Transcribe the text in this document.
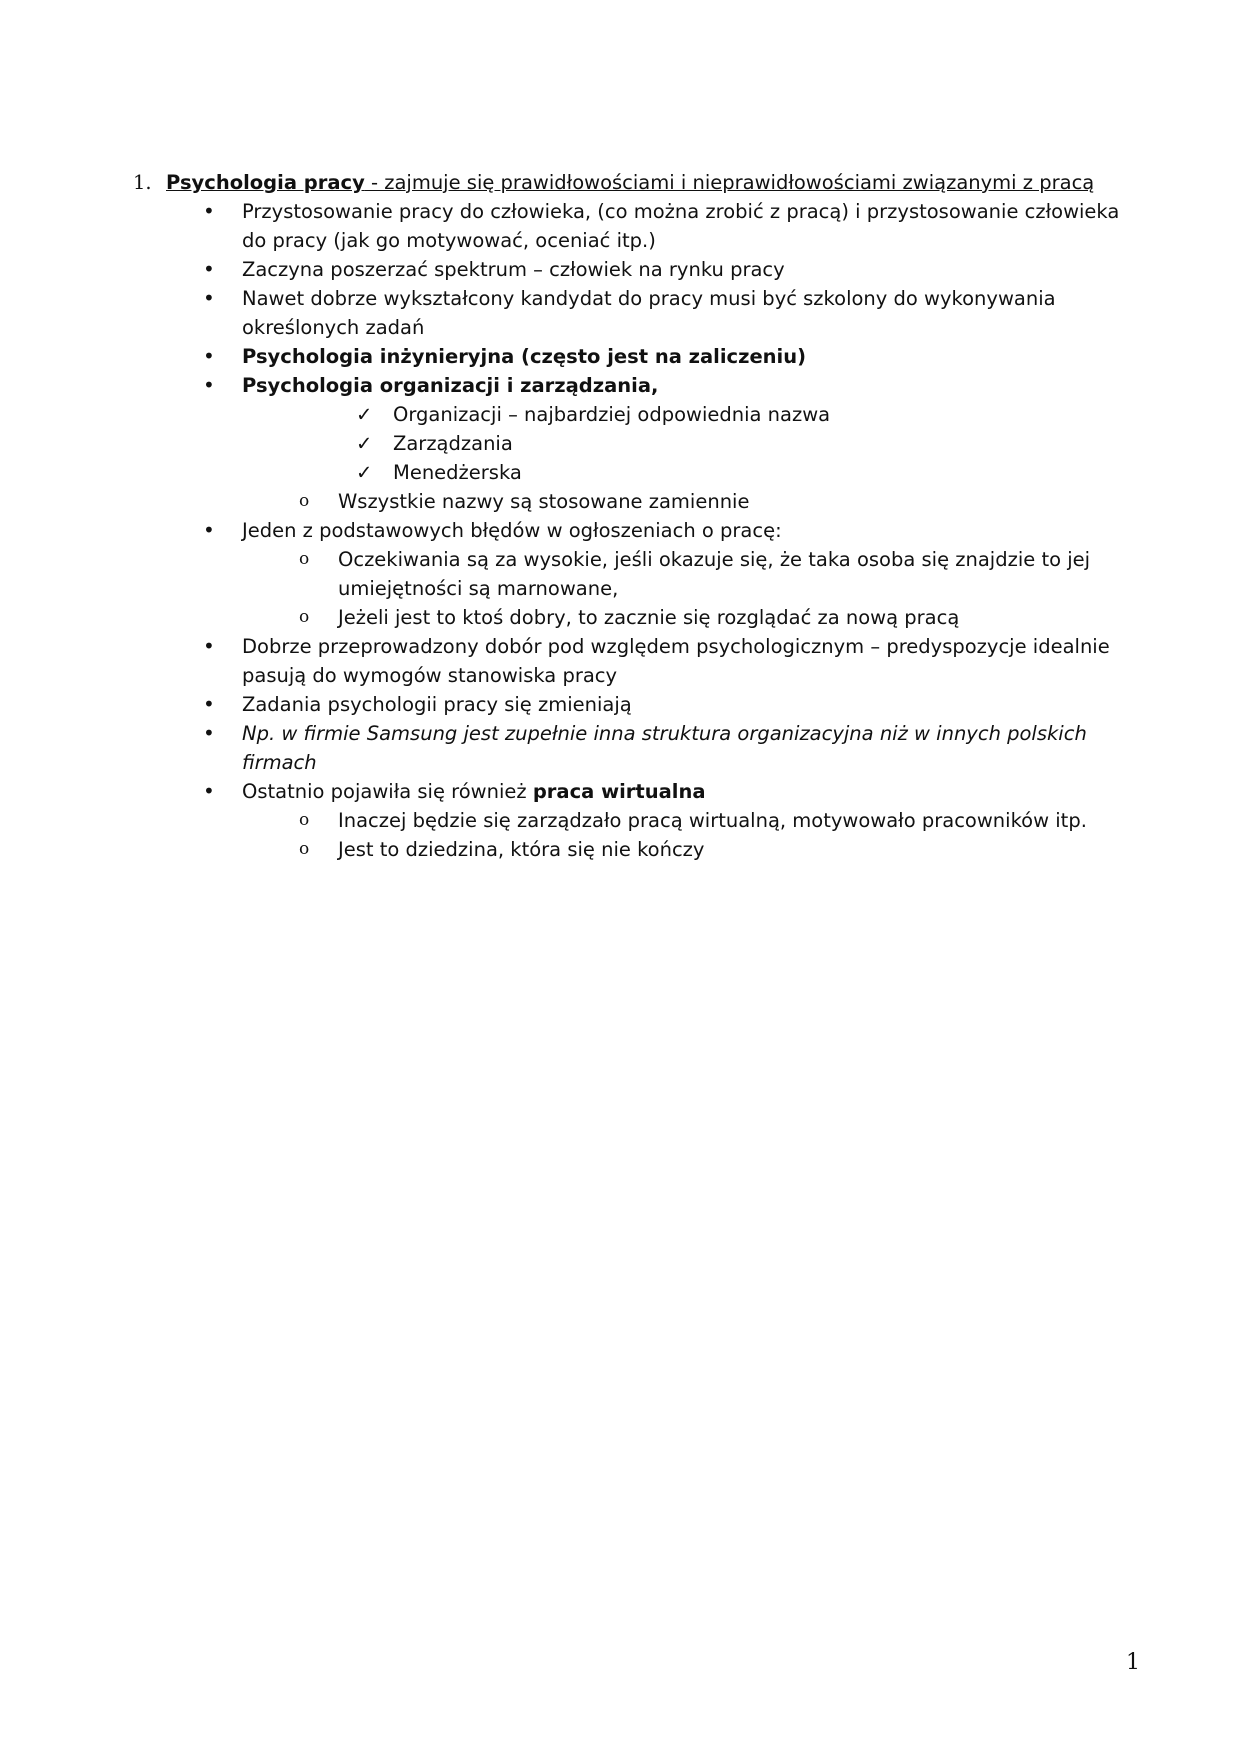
1. Psychologia pracy - zajmuje się prawidłowościami i nieprawidłowościami związanymi z pracą
• Przystosowanie pracy do człowieka, (co można zrobić z pracą) i przystosowanie człowieka do pracy (jak go motywować, oceniać itp.)
• Zaczyna poszerzać spektrum – człowiek na rynku pracy
• Nawet dobrze wykształcony kandydat do pracy musi być szkolony do wykonywania określonych zadań
• Psychologia inżynieryjna (często jest na zaliczeniu)
• Psychologia organizacji i zarządzania,
✓ Organizacji – najbardziej odpowiednia nazwa
✓ Zarządzania
✓ Menedżerska
o Wszystkie nazwy są stosowane zamiennie
• Jeden z podstawowych błędów w ogłoszeniach o pracę:
o Oczekiwania są za wysokie, jeśli okazuje się, że taka osoba się znajdzie to jej umiejętności są marnowane,
o Jeżeli jest to ktoś dobry, to zacznie się rozglądać za nową pracą
• Dobrze przeprowadzony dobór pod względem psychologicznym – predyspozycje idealnie pasują do wymogów stanowiska pracy
• Zadania psychologii pracy się zmieniają
• Np. w firmie Samsung jest zupełnie inna struktura organizacyjna niż w innych polskich firmach
• Ostatnio pojawiła się również praca wirtualna
o Inaczej będzie się zarządzało pracą wirtualną, motywowało pracowników itp.
o Jest to dziedzina, która się nie kończy
1
